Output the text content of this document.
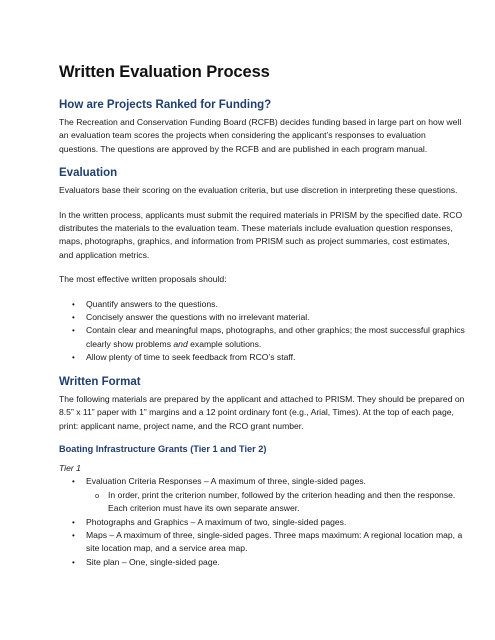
Written Evaluation Process
How are Projects Ranked for Funding?

The Recreation and Conservation Funding Board (RCFB) decides funding based in large part on how well an evaluation team scores the projects when considering the applicant’s responses to evaluation questions. The questions are approved by the RCFB and are published in each program manual.

Evaluation

Evaluators base their scoring on the evaluation criteria, but use discretion in interpreting these questions.

In the written process, applicants must submit the required materials in PRISM by the specified date. RCO distributes the materials to the evaluation team. These materials include evaluation question responses, maps, photographs, graphics, and information from PRISM such as project summaries, cost estimates, and application metrics.

The most effective written proposals should:

• Quantify answers to the questions.
• Concisely answer the questions with no irrelevant material.
• Contain clear and meaningful maps, photographs, and other graphics; the most successful graphics clearly show problems and example solutions.
• Allow plenty of time to seek feedback from RCO’s staff.
Written Format

The following materials are prepared by the applicant and attached to PRISM. They should be prepared on 8.5” x 11” paper with 1” margins and a 12 point ordinary font (e.g., Arial, Times). At the top of each page, print: applicant name, project name, and the RCO grant number.

Boating Infrastructure Grants (Tier 1 and Tier 2)

Tier 1

• Evaluation Criteria Responses – A maximum of three, single-sided pages.
o In order, print the criterion number, followed by the criterion heading and then the response. Each criterion must have its own separate answer.
• Photographs and Graphics – A maximum of two, single-sided pages.
• Maps – A maximum of three, single-sided pages. Three maps maximum: A regional location map, a site location map, and a service area map.
• Site plan – One, single-sided page.
